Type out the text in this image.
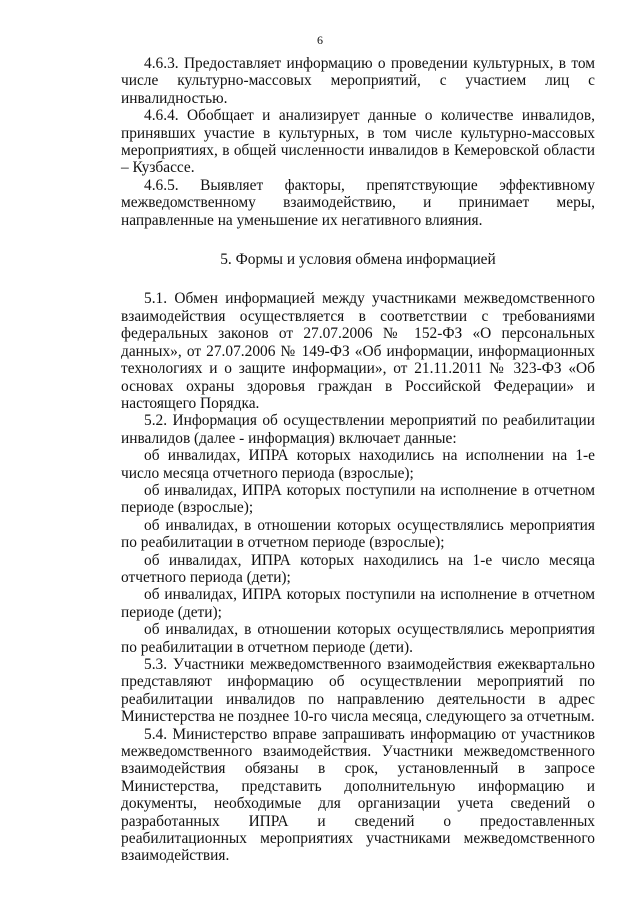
6

4.6.3. Предоставляет информацию о проведении культурных, в том числе культурно-массовых мероприятий, с участием лиц с инвалидностью.

4.6.4. Обобщает и анализирует данные о количестве инвалидов, принявших участие в культурных, в том числе культурно-массовых мероприятиях, в общей численности инвалидов в Кемеровской области – Кузбассе.

4.6.5. Выявляет факторы, препятствующие эффективному межведомственному взаимодействию, и принимает меры, направленные на уменьшение их негативного влияния.

5. Формы и условия обмена информацией

5.1. Обмен информацией между участниками межведомственного взаимодействия осуществляется в соответствии с требованиями федеральных законов от 27.07.2006 № 152-ФЗ «О персональных данных», от 27.07.2006 № 149-ФЗ «Об информации, информационных технологиях и о защите информации», от 21.11.2011 № 323-ФЗ «Об основах охраны здоровья граждан в Российской Федерации» и настоящего Порядка.

5.2. Информация об осуществлении мероприятий по реабилитации инвалидов (далее - информация) включает данные:

об инвалидах, ИПРА которых находились на исполнении на 1-е число месяца отчетного периода (взрослые);

об инвалидах, ИПРА которых поступили на исполнение в отчетном периоде (взрослые);

об инвалидах, в отношении которых осуществлялись мероприятия по реабилитации в отчетном периоде (взрослые);

об инвалидах, ИПРА которых находились на 1-е число месяца отчетного периода (дети);

об инвалидах, ИПРА которых поступили на исполнение в отчетном периоде (дети);

об инвалидах, в отношении которых осуществлялись мероприятия по реабилитации в отчетном периоде (дети).

5.3. Участники межведомственного взаимодействия ежеквартально представляют информацию об осуществлении мероприятий по реабилитации инвалидов по направлению деятельности в адрес Министерства не позднее 10-го числа месяца, следующего за отчетным.

5.4. Министерство вправе запрашивать информацию от участников межведомственного взаимодействия. Участники межведомственного взаимодействия обязаны в срок, установленный в запросе Министерства, представить дополнительную информацию и документы, необходимые для организации учета сведений о разработанных ИПРА и сведений о предоставленных реабилитационных мероприятиях участниками межведомственного взаимодействия.
